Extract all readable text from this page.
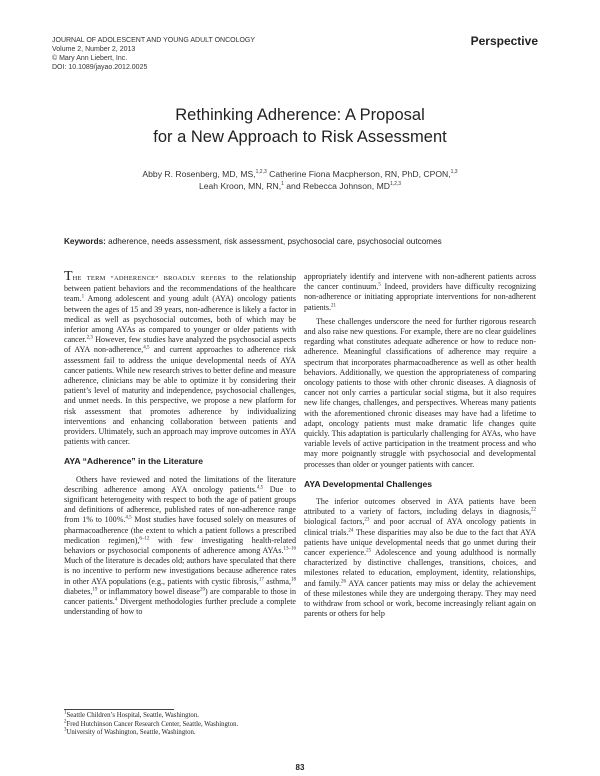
JOURNAL OF ADOLESCENT AND YOUNG ADULT ONCOLOGY
Volume 2, Number 2, 2013
© Mary Ann Liebert, Inc.
DOI: 10.1089/jayao.2012.0025
Perspective
Rethinking Adherence: A Proposal
for a New Approach to Risk Assessment
Abby R. Rosenberg, MD, MS,$^{1,2,3}$ Catherine Fiona Macpherson, RN, PhD, CPON,$^{1,3}$
Leah Kroon, MN, RN,$^1$ and Rebecca Johnson, MD$^{1,2,3}$
Keywords: adherence, needs assessment, risk assessment, psychosocial care, psychosocial outcomes

THE TERM “ADHERENCE” BROADLY REFERS to the relationship between patient behaviors and the recommendations of the healthcare team.$^1$ Among adolescent and young adult (AYA) oncology patients between the ages of 15 and 39 years, non-adherence is likely a factor in medical as well as psychosocial outcomes, both of which may be inferior among AYAs as compared to younger or older patients with cancer.$^{2,3}$ However, few studies have analyzed the psychosocial aspects of AYA non-adherence,$^{4,5}$ and current approaches to adherence risk assessment fail to address the unique developmental needs of AYA cancer patients. While new research strives to better define and measure adherence, clinicians may be able to optimize it by considering their patient’s level of maturity and independence, psychosocial challenges, and unmet needs. In this perspective, we propose a new platform for risk assessment that promotes adherence by individualizing interventions and enhancing collaboration between patients and providers. Ultimately, such an approach may improve outcomes in AYA patients with cancer.

AYA “Adherence” in the Literature

Others have reviewed and noted the limitations of the literature describing adherence among AYA oncology patients.$^{4,5}$ Due to significant heterogeneity with respect to both the age of patient groups and definitions of adherence, published rates of non-adherence range from 1% to 100%.$^{4,5}$ Most studies have focused solely on measures of pharmacoadherence (the extent to which a patient follows a prescribed medication regimen),$^{6-12}$ with few investigating health-related behaviors or psychosocial components of adherence among AYAs.$^{13-16}$ Much of the literature is decades old; authors have speculated that there is no incentive to perform new investigations because adherence rates in other AYA populations (e.g., patients with cystic fibrosis,$^{17}$ asthma,$^{18}$ diabetes,$^{19}$ or inflammatory bowel disease$^{20}$) are comparable to those in cancer patients.$^4$ Divergent methodologies further preclude a complete understanding of how to

appropriately identify and intervene with non-adherent patients across the cancer continuum.$^5$ Indeed, providers have difficulty recognizing non-adherence or initiating appropriate interventions for non-adherent patients.$^{21}$

These challenges underscore the need for further rigorous research and also raise new questions. For example, there are no clear guidelines regarding what constitutes adequate adherence or how to reduce non-adherence. Meaningful classifications of adherence may require a spectrum that incorporates pharmacoadherence as well as other health behaviors. Additionally, we question the appropriateness of comparing oncology patients to those with other chronic diseases. A diagnosis of cancer not only carries a particular social stigma, but it also requires new life changes, challenges, and perspectives. Whereas many patients with the aforementioned chronic diseases may have had a lifetime to adapt, oncology patients must make dramatic life changes quite quickly. This adaptation is particularly challenging for AYAs, who have variable levels of active participation in the treatment process and who may more poignantly struggle with psychosocial and developmental processes than older or younger patients with cancer.

AYA Developmental Challenges

The inferior outcomes observed in AYA patients have been attributed to a variety of factors, including delays in diagnosis,$^{22}$ biological factors,$^{23}$ and poor accrual of AYA oncology patients in clinical trials.$^{24}$ These disparities may also be due to the fact that AYA patients have unique developmental needs that go unmet during their cancer experience.$^{25}$ Adolescence and young adulthood is normally characterized by distinctive challenges, transitions, choices, and milestones related to education, employment, identity, relationships, and family.$^{26}$ AYA cancer patients may miss or delay the achievement of these milestones while they are undergoing therapy. They may need to withdraw from school or work, become increasingly reliant again on parents or others for help

$^1$Seattle Children’s Hospital, Seattle, Washington.
$^2$Fred Hutchinson Cancer Research Center, Seattle, Washington.
$^3$University of Washington, Seattle, Washington.
83
